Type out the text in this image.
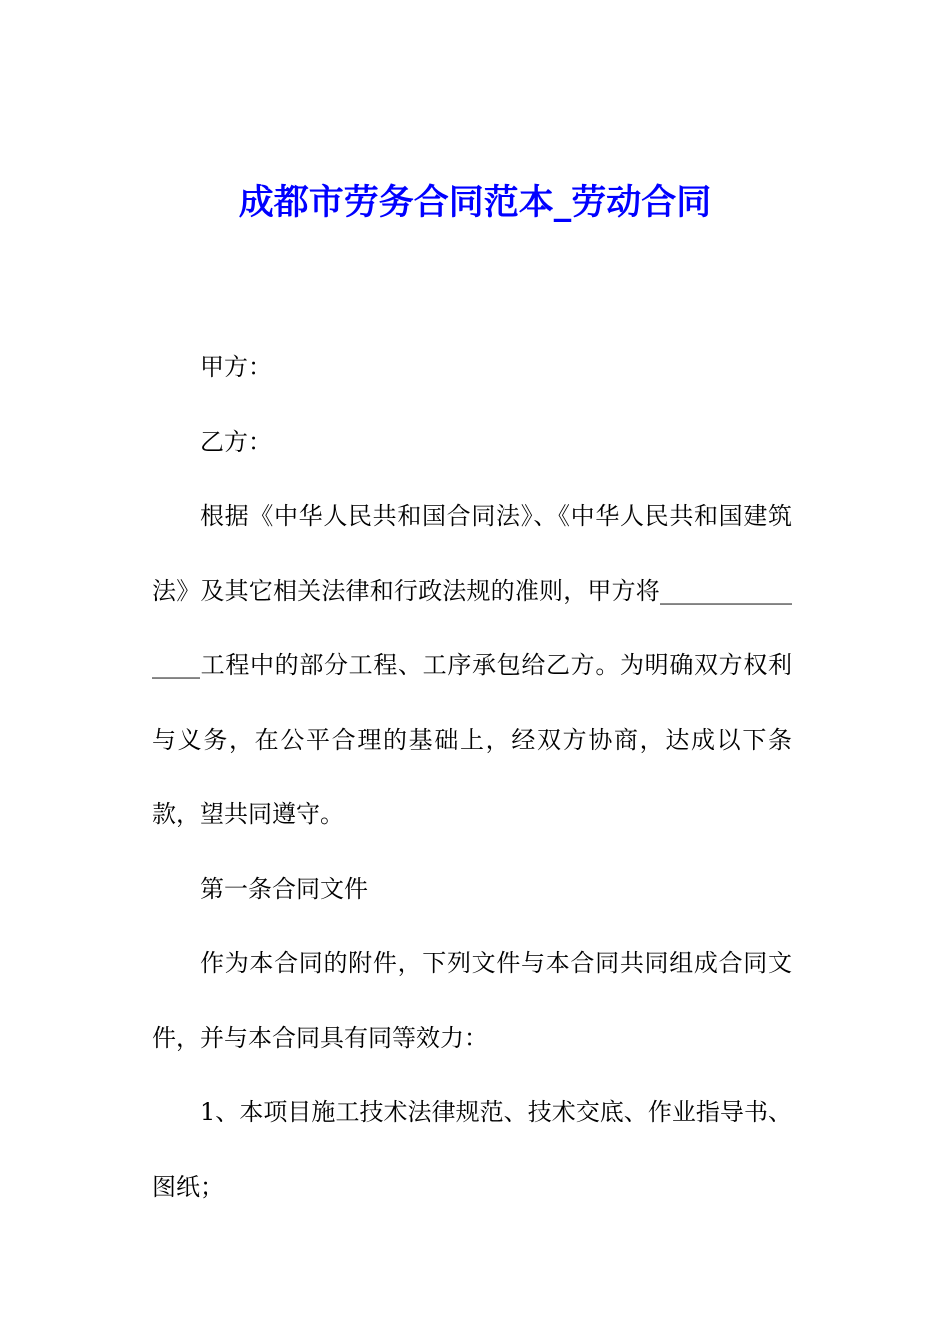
成都市劳务合同范本_劳动合同

甲方：

乙方：

根据《中华人民共和国合同法》、《中华人民共和国建筑法》及其它相关法律和行政法规的准则，甲方将_______________工程中的部分工程、工序承包给乙方。为明确双方权利与义务，在公平合理的基础上，经双方协商，达成以下条款，望共同遵守。

第一条合同文件

作为本合同的附件，下列文件与本合同共同组成合同文件，并与本合同具有同等效力：

1、本项目施工技术法律规范、技术交底、作业指导书、图纸；
